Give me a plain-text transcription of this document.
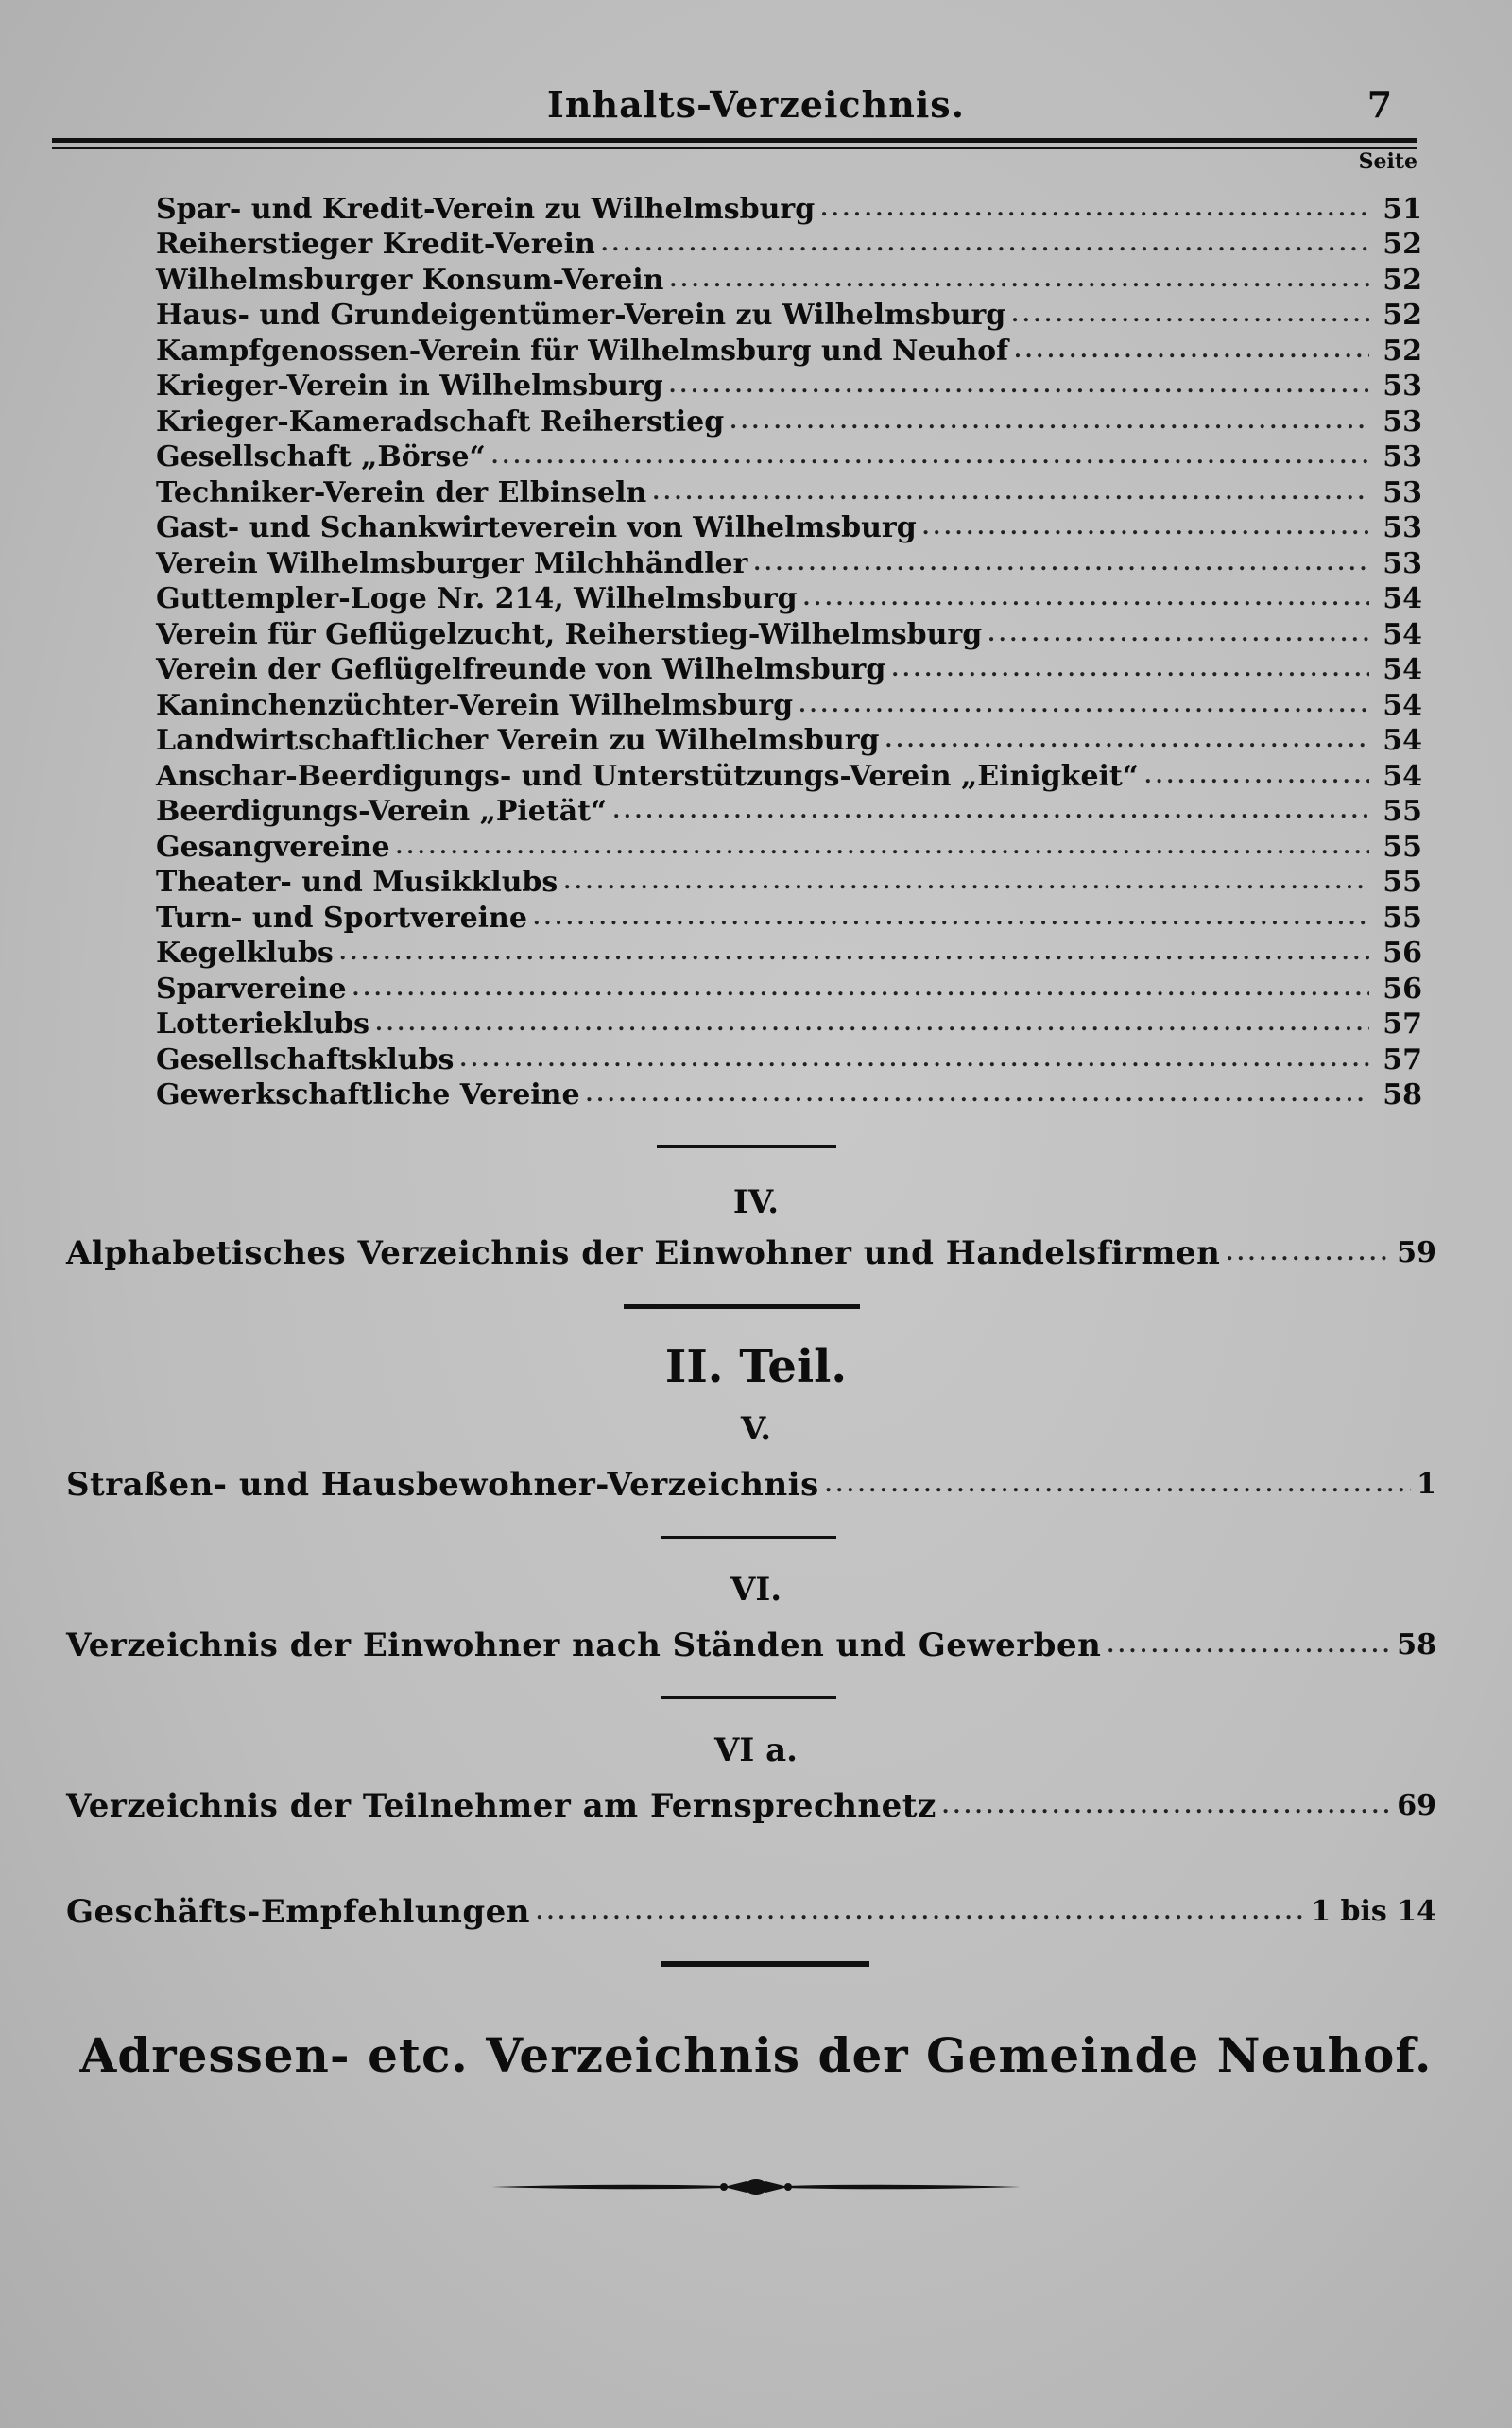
Inhalts-Verzeichnis.	7
Seite
Spar- und Kredit-Verein zu Wilhelmsburg .....	51
Reiherstieger Kredit-Verein .....	52
Wilhelmsburger Konsum-Verein .....	52
Haus- und Grundeigentümer-Verein zu Wilhelmsburg .....	52
Kampfgenossen-Verein für Wilhelmsburg und Neuhof .....	52
Krieger-Verein in Wilhelmsburg .....	53
Krieger-Kameradschaft Reiherstieg .....	53
Gesellschaft „Börse“ .....	53
Techniker-Verein der Elbinseln .....	53
Gast- und Schankwirteverein von Wilhelmsburg .....	53
Verein Wilhelmsburger Milchhändler .....	53
Guttempler-Loge Nr. 214, Wilhelmsburg .....	54
Verein für Geflügelzucht, Reiherstieg-Wilhelmsburg .....	54
Verein der Geflügelfreunde von Wilhelmsburg .....	54
Kaninchenzüchter-Verein Wilhelmsburg .....	54
Landwirtschaftlicher Verein zu Wilhelmsburg .....	54
Anschar-Beerdigungs- und Unterstützungs-Verein „Einigkeit“ .....	54
Beerdigungs-Verein „Pietät“ .....	55
Gesangvereine .....	55
Theater- und Musikklubs .....	55
Turn- und Sportvereine .....	55
Kegelklubs .....	56
Sparvereine .....	56
Lotterieklubs .....	57
Gesellschaftsklubs .....	57
Gewerkschaftliche Vereine .....	58
IV.
Alphabetisches Verzeichnis der Einwohner und Handelsfirmen .....	59
II. Teil.
V.
Straßen- und Hausbewohner-Verzeichnis .....	1
VI.
Verzeichnis der Einwohner nach Ständen und Gewerben .....	58
VI a.
Verzeichnis der Teilnehmer am Fernsprechnetz .....	69
Geschäfts-Empfehlungen .....	1 bis 14
Adressen- etc. Verzeichnis der Gemeinde Neuhof.
